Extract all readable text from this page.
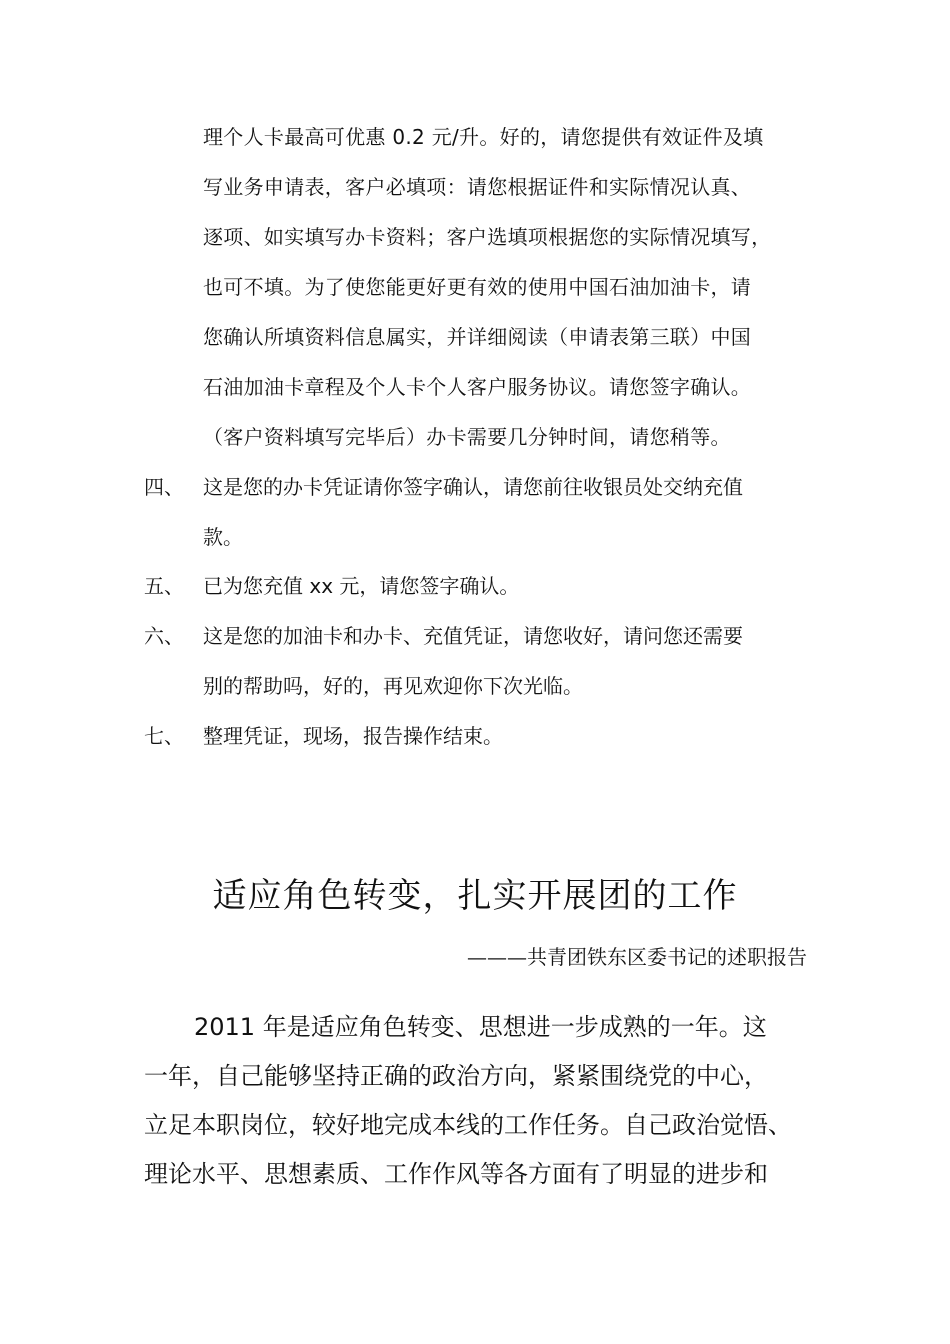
理个人卡最高可优惠 0.2 元/升。好的，请您提供有效证件及填
写业务申请表，客户必填项：请您根据证件和实际情况认真、
逐项、如实填写办卡资料；客户选填项根据您的实际情况填写，
也可不填。为了使您能更好更有效的使用中国石油加油卡，请
您确认所填资料信息属实，并详细阅读（申请表第三联）中国
石油加油卡章程及个人卡个人客户服务协议。请您签字确认。
（客户资料填写完毕后）办卡需要几分钟时间，请您稍等。
四、 这是您的办卡凭证请你签字确认，请您前往收银员处交纳充值
款。
五、 已为您充值 xx 元，请您签字确认。
六、 这是您的加油卡和办卡、充值凭证，请您收好，请问您还需要
别的帮助吗，好的，再见欢迎你下次光临。
七、 整理凭证，现场，报告操作结束。
适应角色转变，扎实开展团的工作
———共青团铁东区委书记的述职报告
2011 年是适应角色转变、思想进一步成熟的一年。这
一年，自己能够坚持正确的政治方向，紧紧围绕党的中心，
立足本职岗位，较好地完成本线的工作任务。自己政治觉悟、
理论水平、思想素质、工作作风等各方面有了明显的进步和
